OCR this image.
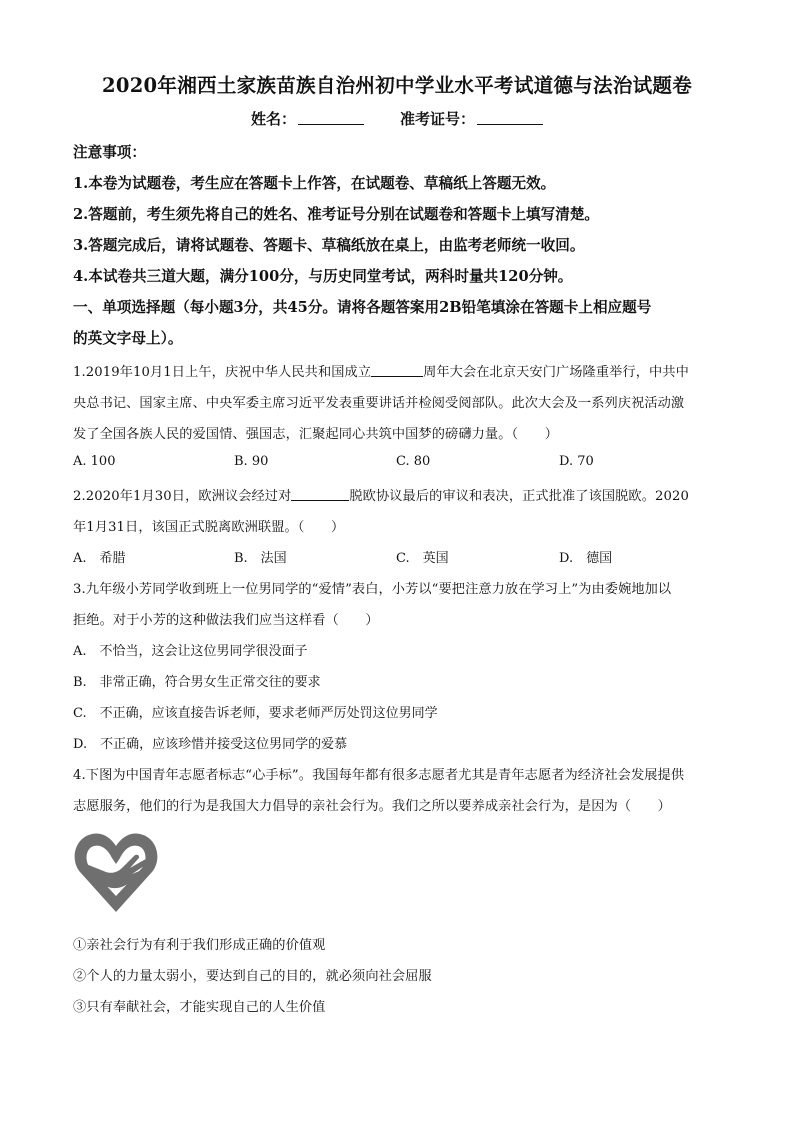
2020年湘西土家族苗族自治州初中学业水平考试道德与法治试题卷
姓名：	准考证号：
注意事项：
1.本卷为试题卷，考生应在答题卡上作答，在试题卷、草稿纸上答题无效。
2.答题前，考生须先将自己的姓名、准考证号分别在试题卷和答题卡上填写清楚。
3.答题完成后，请将试题卷、答题卡、草稿纸放在桌上，由监考老师统一收回。
4.本试卷共三道大题，满分100分，与历史同堂考试，两科时量共120分钟。
一、单项选择题（每小题3分，共45分。请将各题答案用2B铅笔填涂在答题卡上相应题号
的英文字母上）。
1.2019年10月1日上午，庆祝中华人民共和国成立	周年大会在北京天安门广场隆重举行，中共中
央总书记、国家主席、中央军委主席习近平发表重要讲话并检阅受阅部队。此次大会及一系列庆祝活动激
发了全国各族人民的爱国情、强国志，汇聚起同心共筑中国梦的磅礴力量。（　　）
A. 100	B. 90	C. 80	D. 70
2.2020年1月30日，欧洲议会经过对	脱欧协议最后的审议和表决，正式批准了该国脱欧。2020
年1月31日，该国正式脱离欧洲联盟。（　　）
A.　希腊	B.　法国	C.　英国	D.　德国
3.九年级小芳同学收到班上一位男同学的“爱情”表白，小芳以“要把注意力放在学习上”为由委婉地加以
拒绝。对于小芳的这种做法我们应当这样看（　　）
A.　不恰当，这会让这位男同学很没面子
B.　非常正确，符合男女生正常交往的要求
C.　不正确，应该直接告诉老师，要求老师严厉处罚这位男同学
D.　不正确，应该珍惜并接受这位男同学的爱慕
4.下图为中国青年志愿者标志“心手标”。我国每年都有很多志愿者尤其是青年志愿者为经济社会发展提供
志愿服务，他们的行为是我国大力倡导的亲社会行为。我们之所以要养成亲社会行为，是因为（　　）
①亲社会行为有利于我们形成正确的价值观
②个人的力量太弱小，要达到自己的目的，就必须向社会屈服
③只有奉献社会，才能实现自己的人生价值
